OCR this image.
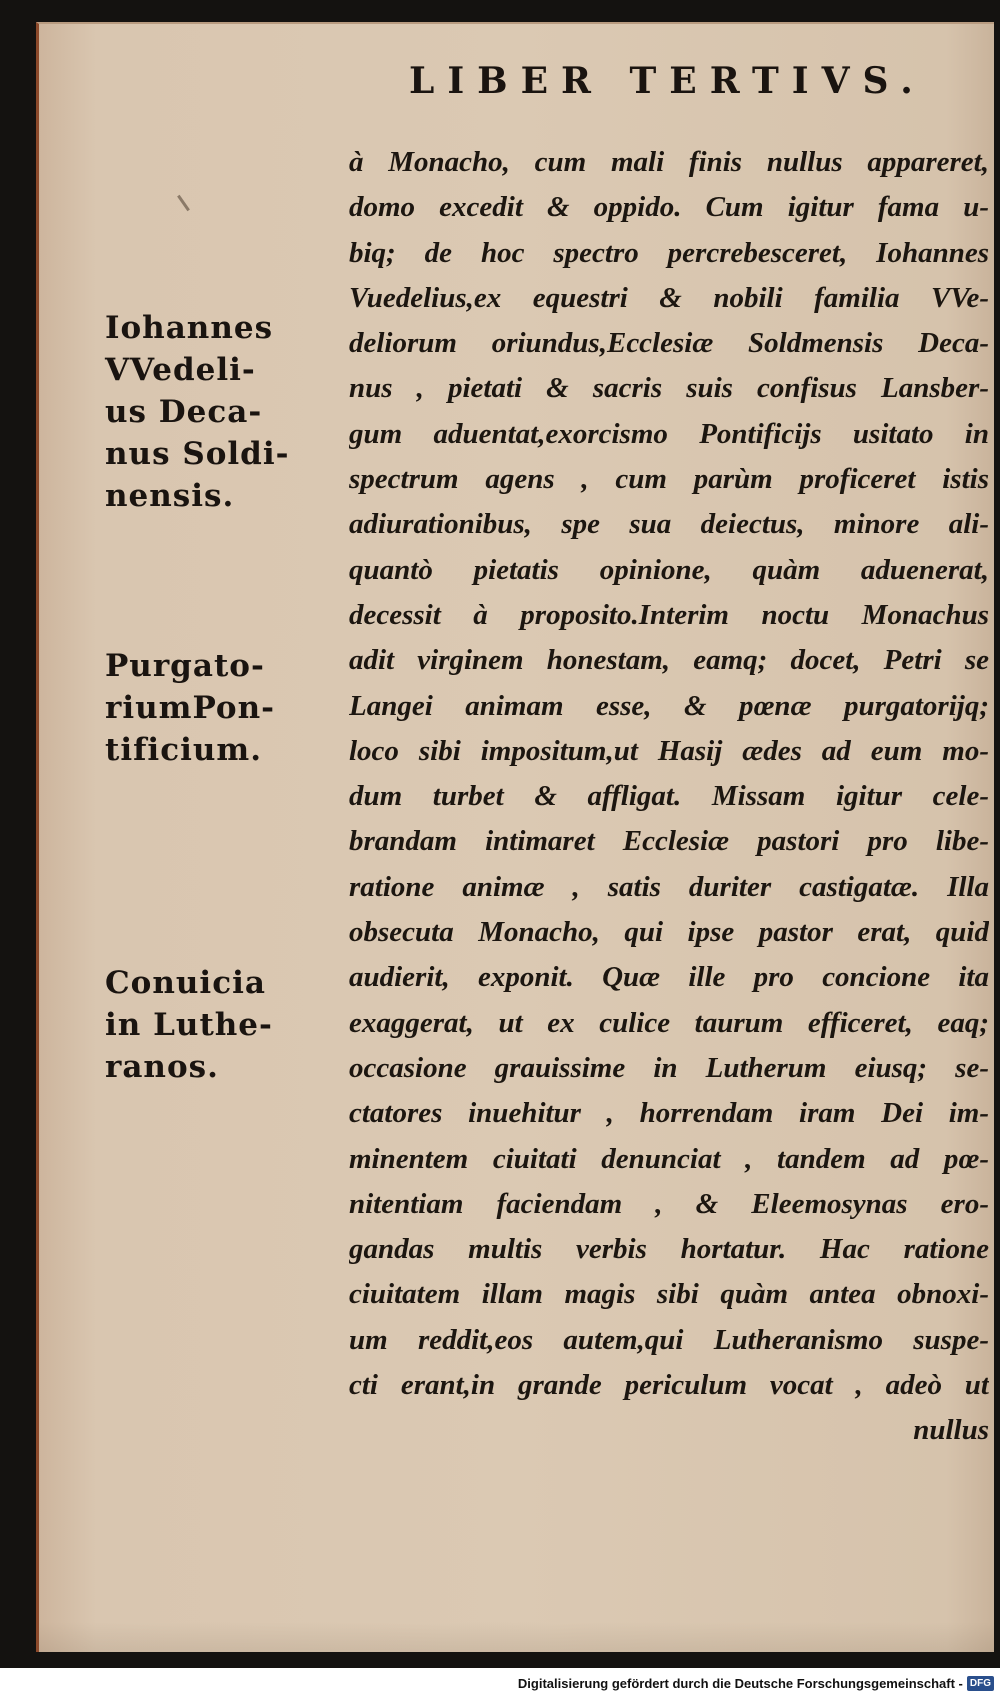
LIBER TERTIVS.
Iohannes
VVedeli-
us Deca-
nus Soldi-
nensis.
Purgato-
riumPon-
tificium.
Conuicia
in Luthe-
ranos.
à Monacho, cum mali finis nullus appareret,
domo excedit & oppido. Cum igitur fama u-
biq; de hoc spectro percrebesceret, Iohannes
Vuedelius,ex equestri & nobili familia VVe-
deliorum oriundus,Ecclesiæ Soldmensis Deca-
nus , pietati & sacris suis confisus Lansber-
gum aduentat,exorcismo Pontificijs usitato in
spectrum agens , cum parùm proficeret istis
adiurationibus, spe sua deiectus, minore ali-
quantò pietatis opinione, quàm aduenerat,
decessit à proposito.Interim noctu Monachus
adit virginem honestam, eamq; docet, Petri se
Langei animam esse, & pœnæ purgatorijq;
loco sibi impositum,ut Hasij ædes ad eum mo-
dum turbet & affligat. Missam igitur cele-
brandam intimaret Ecclesiæ pastori pro libe-
ratione animæ , satis duriter castigatæ. Illa
obsecuta Monacho, qui ipse pastor erat, quid
audierit, exponit. Quæ ille pro concione ita
exaggerat, ut ex culice taurum efficeret, eaq;
occasione grauissime in Lutherum eiusq; se-
ctatores inuehitur , horrendam iram Dei im-
minentem ciuitati denunciat , tandem ad pœ-
nitentiam faciendam , & Eleemosynas ero-
gandas multis verbis hortatur. Hac ratione
ciuitatem illam magis sibi quàm antea obnoxi-
um reddit,eos autem,qui Lutheranismo suspe-
cti erant,in grande periculum vocat , adeò ut
nullus
Digitalisierung gefördert durch die Deutsche Forschungsgemeinschaft - DFG
